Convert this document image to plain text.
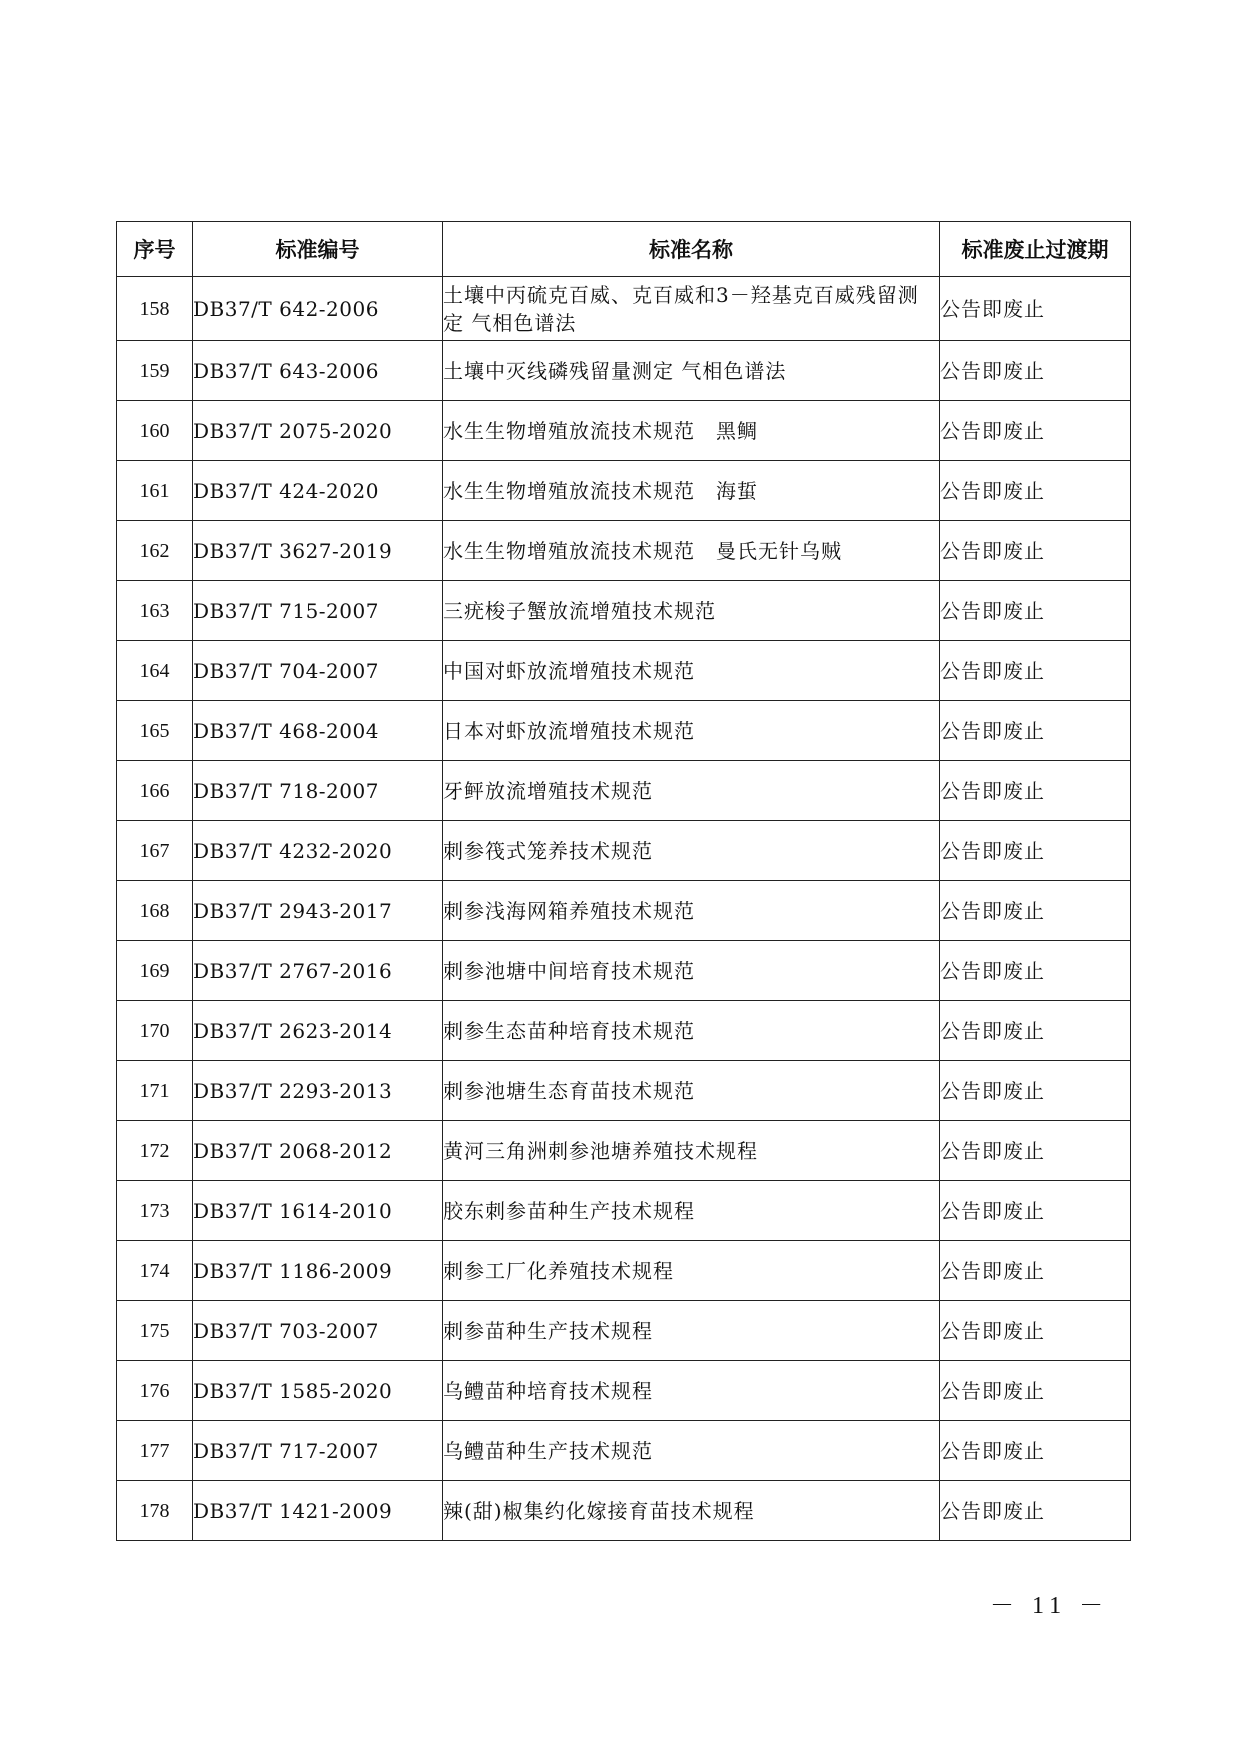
序号	标准编号	标准名称	标准废止过渡期
158	DB37/T 642-2006	土壤中丙硫克百威、克百威和3－羟基克百威残留测定 气相色谱法	公告即废止
159	DB37/T 643-2006	土壤中灭线磷残留量测定 气相色谱法	公告即废止
160	DB37/T 2075-2020	水生生物增殖放流技术规范　黑鲷	公告即废止
161	DB37/T 424-2020	水生生物增殖放流技术规范　海蜇	公告即废止
162	DB37/T 3627-2019	水生生物增殖放流技术规范　曼氏无针乌贼	公告即废止
163	DB37/T 715-2007	三疣梭子蟹放流增殖技术规范	公告即废止
164	DB37/T 704-2007	中国对虾放流增殖技术规范	公告即废止
165	DB37/T 468-2004	日本对虾放流增殖技术规范	公告即废止
166	DB37/T 718-2007	牙鲆放流增殖技术规范	公告即废止
167	DB37/T 4232-2020	刺参筏式笼养技术规范	公告即废止
168	DB37/T 2943-2017	刺参浅海网箱养殖技术规范	公告即废止
169	DB37/T 2767-2016	刺参池塘中间培育技术规范	公告即废止
170	DB37/T 2623-2014	刺参生态苗种培育技术规范	公告即废止
171	DB37/T 2293-2013	刺参池塘生态育苗技术规范	公告即废止
172	DB37/T 2068-2012	黄河三角洲刺参池塘养殖技术规程	公告即废止
173	DB37/T 1614-2010	胶东刺参苗种生产技术规程	公告即废止
174	DB37/T 1186-2009	刺参工厂化养殖技术规程	公告即废止
175	DB37/T 703-2007	刺参苗种生产技术规程	公告即废止
176	DB37/T 1585-2020	乌鳢苗种培育技术规程	公告即废止
177	DB37/T 717-2007	乌鳢苗种生产技术规范	公告即废止
178	DB37/T 1421-2009	辣(甜)椒集约化嫁接育苗技术规程	公告即废止
－ 11 －
